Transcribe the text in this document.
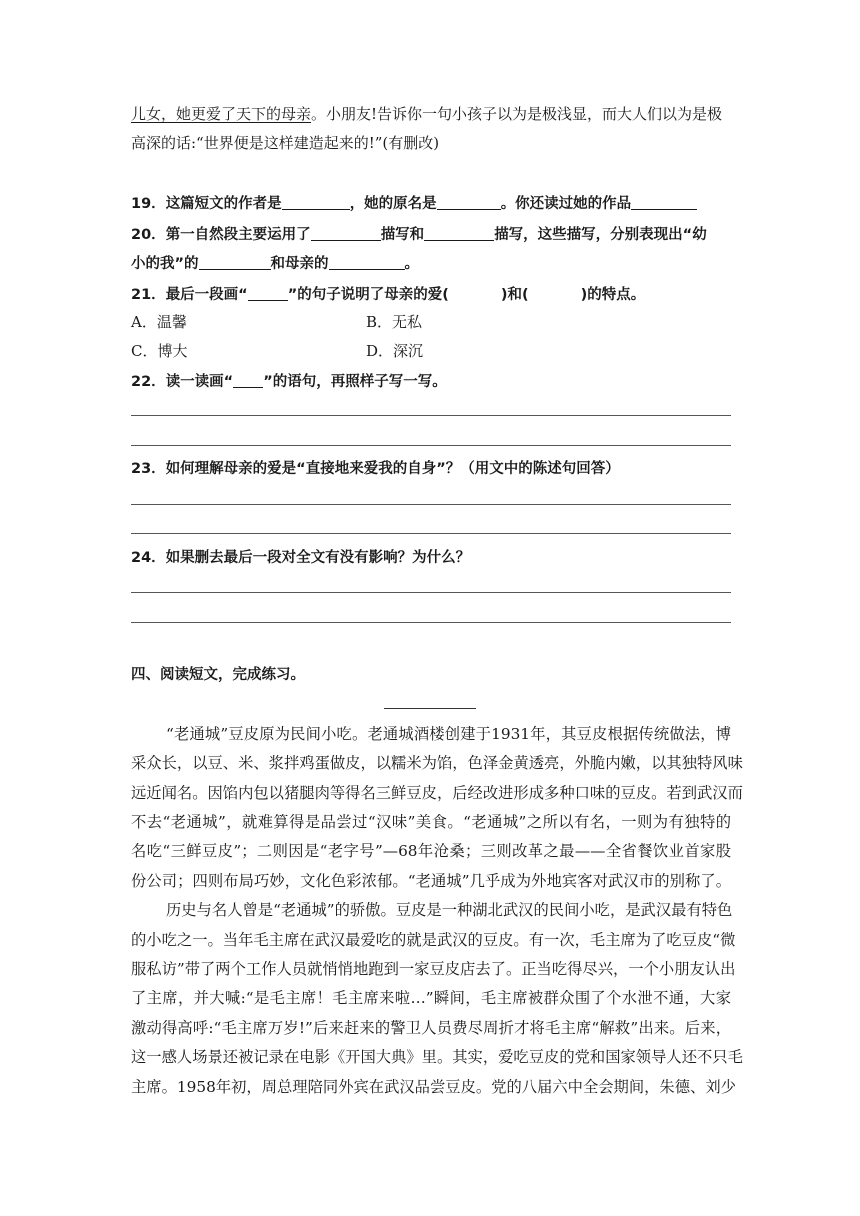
儿女，她更爱了天下的母亲。小朋友!告诉你一句小孩子以为是极浅显，而大人们以为是极
高深的话:“世界便是这样建造起来的!”(有删改)
19．这篇短文的作者是	，她的原名是	。你还读过她的作品
20．第一自然段主要运用了	描写和	描写，这些描写，分别表现出“幼
小的我”的	和母亲的	。
21．最后一段画“	”的句子说明了母亲的爱(	)和(	)的特点。
A．温馨	B．无私
C．博大	D．深沉
22．读一读画“ ”的语句，再照样子写一写。
23．如何理解母亲的爱是“直接地来爱我的自身”？（用文中的陈述句回答）
24．如果删去最后一段对全文有没有影响？为什么？
四、阅读短文，完成练习。
“老通城”豆皮原为民间小吃。老通城酒楼创建于1931年，其豆皮根据传统做法，博
采众长，以豆、米、浆拌鸡蛋做皮，以糯米为馅，色泽金黄透亮，外脆内嫩，以其独特风味
远近闻名。因馅内包以猪腿肉等得名三鲜豆皮，后经改进形成多种口味的豆皮。若到武汉而
不去“老通城”，就难算得是品尝过“汉味”美食。“老通城”之所以有名，一则为有独特的
名吃“三鲜豆皮”；二则因是“老字号”—68年沧桑；三则改革之最——全省餐饮业首家股
份公司；四则布局巧妙，文化色彩浓郁。“老通城”几乎成为外地宾客对武汉市的别称了。
历史与名人曾是“老通城”的骄傲。豆皮是一种湖北武汉的民间小吃，是武汉最有特色
的小吃之一。当年毛主席在武汉最爱吃的就是武汉的豆皮。有一次，毛主席为了吃豆皮“微
服私访”带了两个工作人员就悄悄地跑到一家豆皮店去了。正当吃得尽兴，一个小朋友认出
了主席，并大喊:“是毛主席！毛主席来啦…”瞬间，毛主席被群众围了个水泄不通，大家
激动得高呼:“毛主席万岁!”后来赶来的警卫人员费尽周折才将毛主席“解救”出来。后来，
这一感人场景还被记录在电影《开国大典》里。其实，爱吃豆皮的党和国家领导人还不只毛
主席。1958年初，周总理陪同外宾在武汉品尝豆皮。党的八届六中全会期间，朱德、刘少
